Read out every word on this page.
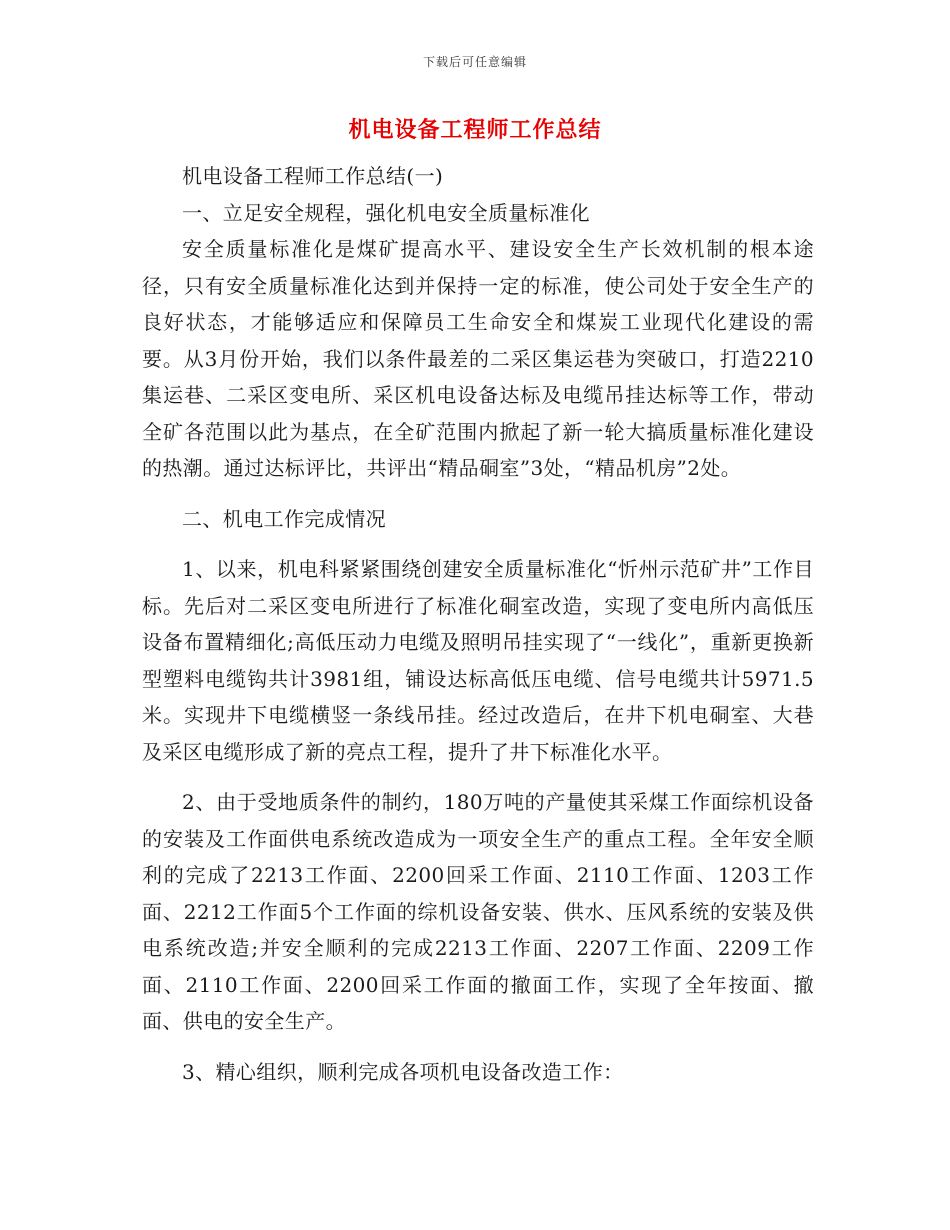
下载后可任意编辑
机电设备工程师工作总结

机电设备工程师工作总结(一)

一、立足安全规程，强化机电安全质量标准化

安全质量标准化是煤矿提高水平、建设安全生产长效机制的根本途径，只有安全质量标准化达到并保持一定的标准，使公司处于安全生产的良好状态，才能够适应和保障员工生命安全和煤炭工业现代化建设的需要。从3月份开始，我们以条件最差的二采区集运巷为突破口，打造2210集运巷、二采区变电所、采区机电设备达标及电缆吊挂达标等工作，带动全矿各范围以此为基点，在全矿范围内掀起了新一轮大搞质量标准化建设的热潮。通过达标评比，共评出“精品硐室”3处，“精品机房”2处。

二、机电工作完成情况

1、以来，机电科紧紧围绕创建安全质量标准化“忻州示范矿井”工作目标。先后对二采区变电所进行了标准化硐室改造，实现了变电所内高低压设备布置精细化;高低压动力电缆及照明吊挂实现了“一线化”，重新更换新型塑料电缆钩共计3981组，铺设达标高低压电缆、信号电缆共计5971.5米。实现井下电缆横竖一条线吊挂。经过改造后，在井下机电硐室、大巷及采区电缆形成了新的亮点工程，提升了井下标准化水平。

2、由于受地质条件的制约，180万吨的产量使其采煤工作面综机设备的安装及工作面供电系统改造成为一项安全生产的重点工程。全年安全顺利的完成了2213工作面、2200回采工作面、2110工作面、1203工作面、2212工作面5个工作面的综机设备安装、供水、压风系统的安装及供电系统改造;并安全顺利的完成2213工作面、2207工作面、2209工作面、2110工作面、2200回采工作面的撤面工作，实现了全年按面、撤面、供电的安全生产。

3、精心组织，顺利完成各项机电设备改造工作：
